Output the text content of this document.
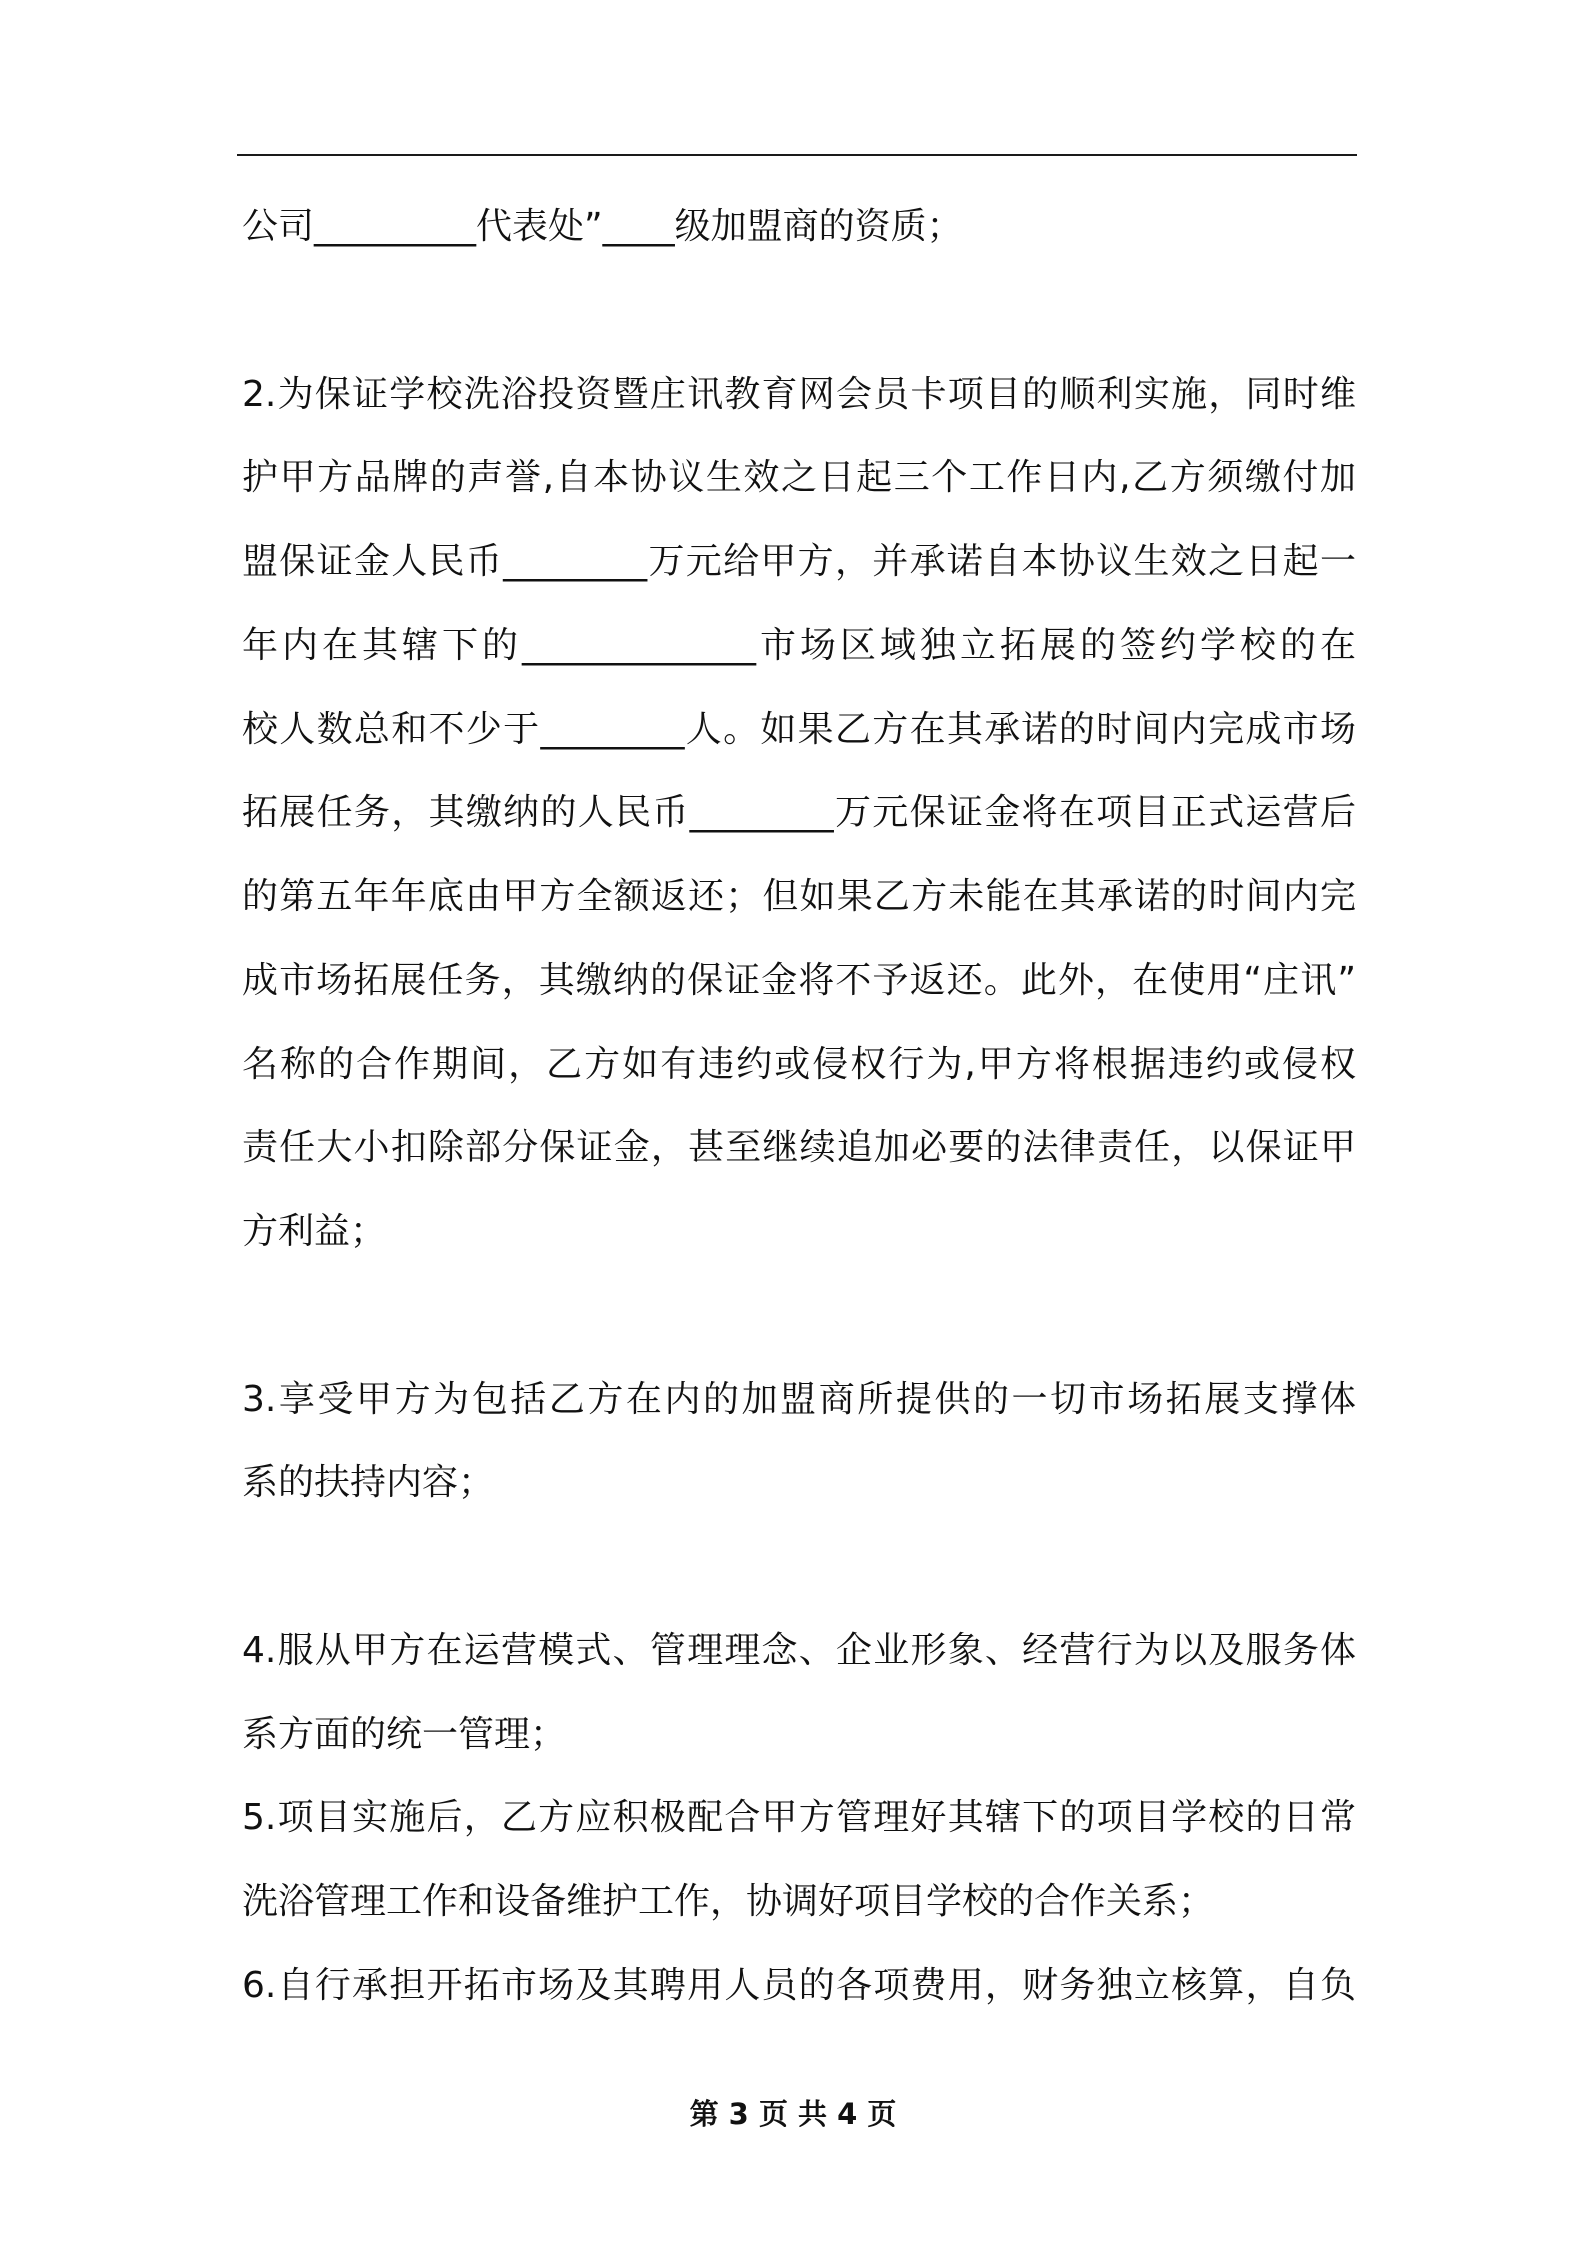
公司_________代表处”____级加盟商的资质；
2.为保证学校洗浴投资暨庄讯教育网会员卡项目的顺利实施，同时维
护甲方品牌的声誉,自本协议生效之日起三个工作日内,乙方须缴付加
盟保证金人民币________万元给甲方，并承诺自本协议生效之日起一
年内在其辖下的_____________市场区域独立拓展的签约学校的在
校人数总和不少于________人。如果乙方在其承诺的时间内完成市场
拓展任务，其缴纳的人民币________万元保证金将在项目正式运营后
的第五年年底由甲方全额返还；但如果乙方未能在其承诺的时间内完
成市场拓展任务，其缴纳的保证金将不予返还。此外，在使用“庄讯”
名称的合作期间，乙方如有违约或侵权行为,甲方将根据违约或侵权
责任大小扣除部分保证金，甚至继续追加必要的法律责任，以保证甲
方利益；
3.享受甲方为包括乙方在内的加盟商所提供的一切市场拓展支撑体
系的扶持内容；
4.服从甲方在运营模式、管理理念、企业形象、经营行为以及服务体
系方面的统一管理；
5.项目实施后，乙方应积极配合甲方管理好其辖下的项目学校的日常
洗浴管理工作和设备维护工作，协调好项目学校的合作关系；
6.自行承担开拓市场及其聘用人员的各项费用，财务独立核算，自负
第 3 页 共 4 页
